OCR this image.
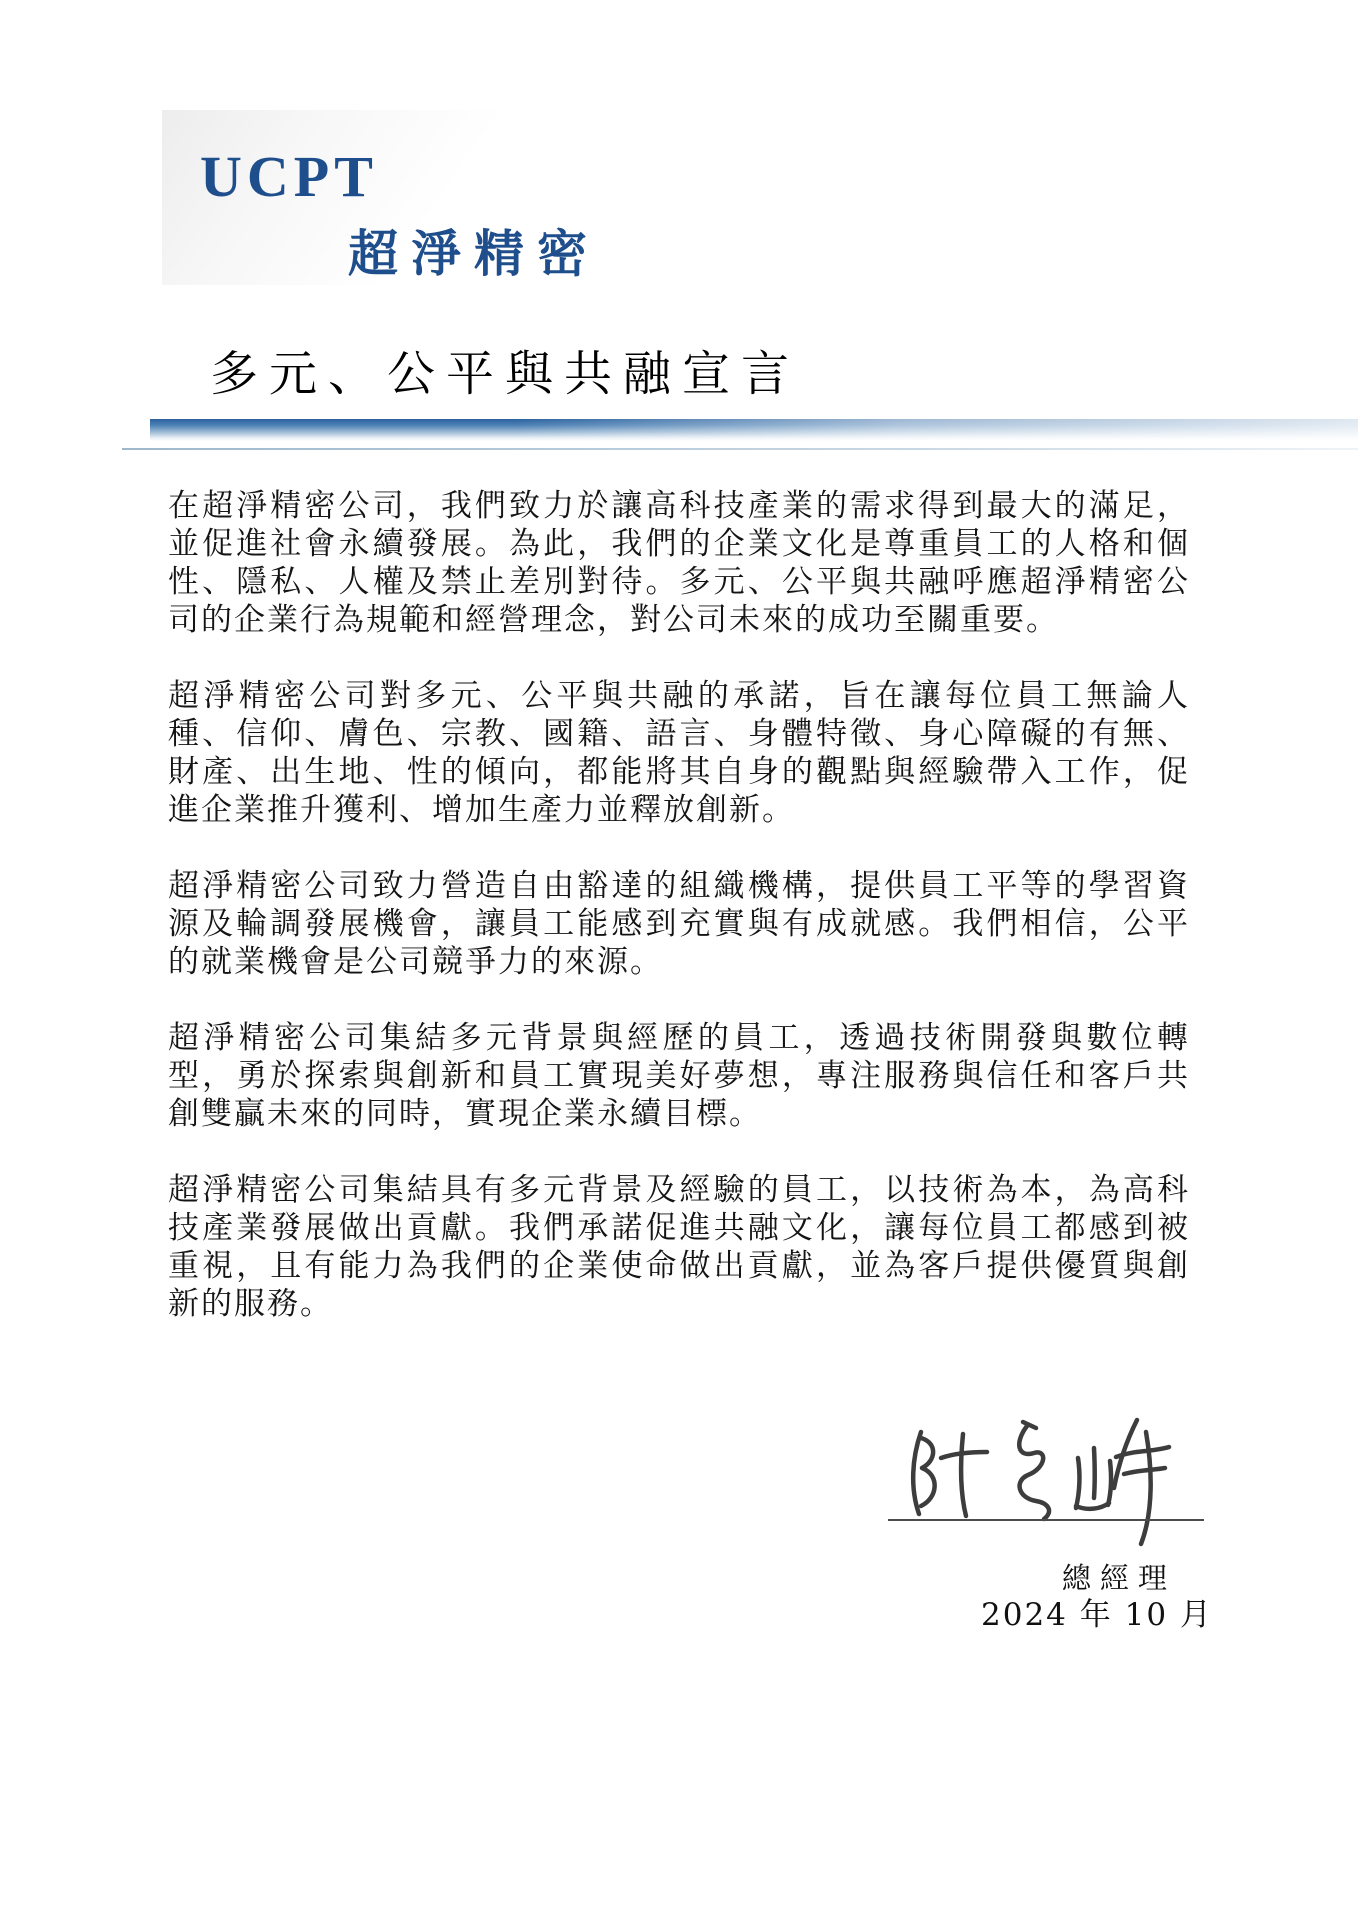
UCPT
超淨精密
多元、公平與共融宣言

在超淨精密公司，我們致力於讓高科技產業的需求得到最大的滿足，並促進社會永續發展。為此，我們的企業文化是尊重員工的人格和個性、隱私、人權及禁止差別對待。多元、公平與共融呼應超淨精密公司的企業行為規範和經營理念，對公司未來的成功至關重要。

超淨精密公司對多元、公平與共融的承諾，旨在讓每位員工無論人種、信仰、膚色、宗教、國籍、語言、身體特徵、身心障礙的有無、財產、出生地、性的傾向，都能將其自身的觀點與經驗帶入工作，促進企業推升獲利、增加生產力並釋放創新。

超淨精密公司致力營造自由豁達的組織機構，提供員工平等的學習資源及輪調發展機會，讓員工能感到充實與有成就感。我們相信，公平的就業機會是公司競爭力的來源。

超淨精密公司集結多元背景與經歷的員工，透過技術開發與數位轉型，勇於探索與創新和員工實現美好夢想，專注服務與信任和客戶共創雙贏未來的同時，實現企業永續目標。

超淨精密公司集結具有多元背景及經驗的員工，以技術為本，為高科技產業發展做出貢獻。我們承諾促進共融文化，讓每位員工都感到被重視，且有能力為我們的企業使命做出貢獻，並為客戶提供優質與創新的服務。

總經理
2024 年 10 月
